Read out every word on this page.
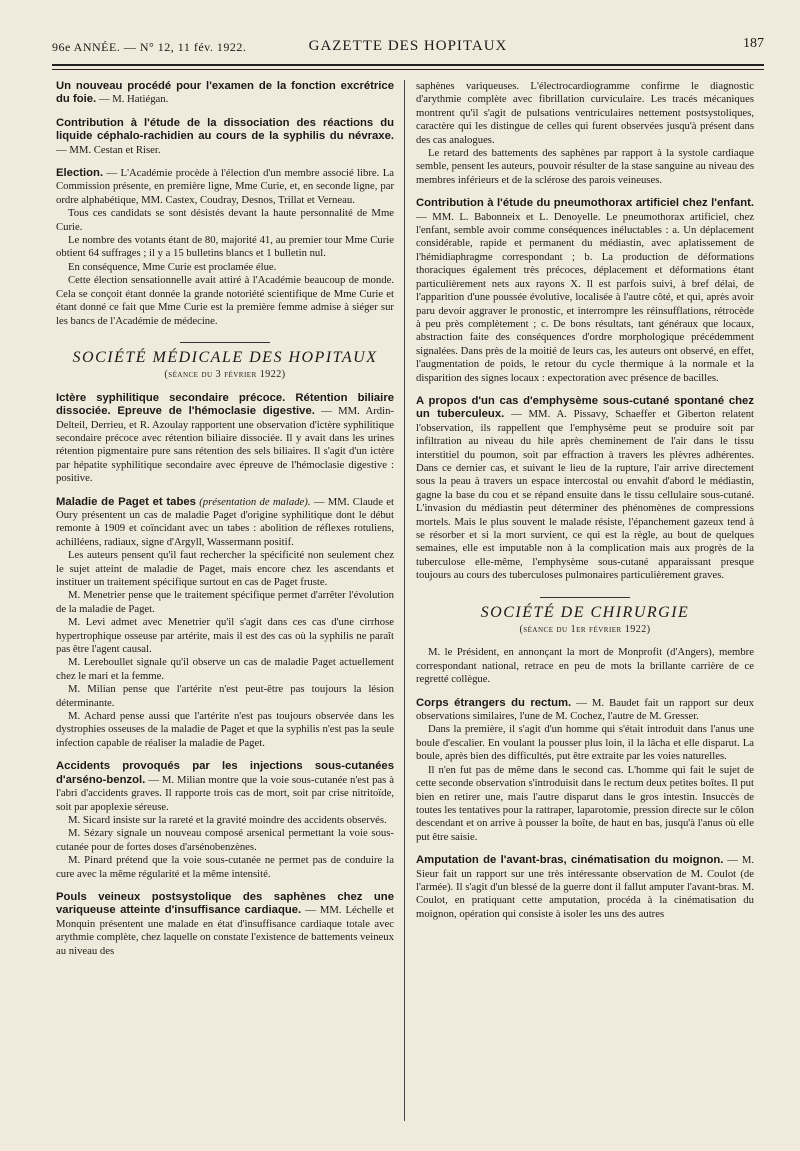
96e ANNÉE. — N° 12, 11 fév. 1922.	GAZETTE DES HOPITAUX	187

Un nouveau procédé pour l'examen de la fonction excrétrice du foie. — M. Hatiégan.

Contribution à l'étude de la dissociation des réactions du liquide céphalo-rachidien au cours de la syphilis du névraxe. — MM. Cestan et Riser.

Election. — L'Académie procède à l'élection d'un membre associé libre. La Commission présente, en première ligne, Mme Curie, et, en seconde ligne, par ordre alphabétique, MM. Castex, Coudray, Desnos, Trillat et Verneau.

Tous ces candidats se sont désistés devant la haute personnalité de Mme Curie.

Le nombre des votants étant de 80, majorité 41, au premier tour Mme Curie obtient 64 suffrages ; il y a 15 bulletins blancs et 1 bulletin nul.

En conséquence, Mme Curie est proclamée élue.

Cette élection sensationnelle avait attiré à l'Académie beaucoup de monde. Cela se conçoit étant donnée la grande notoriété scientifique de Mme Curie et étant donné ce fait que Mme Curie est la première femme admise à siéger sur les bancs de l'Académie de médecine.

SOCIÉTÉ MÉDICALE DES HOPITAUX
(séance du 3 février 1922)

Ictère syphilitique secondaire précoce. Rétention biliaire dissociée. Epreuve de l'hémoclasie digestive. — MM. Ardin-Delteil, Derrieu, et R. Azoulay rapportent une observation d'ictère syphilitique secondaire précoce avec rétention biliaire dissociée. Il y avait dans les urines rétention pigmentaire pure sans rétention des sels biliaires. Il s'agit d'un ictère par hépatite syphilitique secondaire avec épreuve de l'hémoclasie digestive : positive.

Maladie de Paget et tabes (présentation de malade). — MM. Claude et Oury présentent un cas de maladie Paget d'origine syphilitique dont le début remonte à 1909 et coïncidant avec un tabes : abolition de réflexes rotuliens, achilléens, radiaux, signe d'Argyll, Wassermann positif.

Les auteurs pensent qu'il faut rechercher la spécificité non seulement chez le sujet atteint de maladie de Paget, mais encore chez les ascendants et instituer un traitement spécifique surtout en cas de Paget fruste.

M. Menetrier pense que le traitement spécifique permet d'arrêter l'évolution de la maladie de Paget.

M. Levi admet avec Menetrier qu'il s'agit dans ces cas d'une cirrhose hypertrophique osseuse par artérite, mais il est des cas où la syphilis ne paraît pas être l'agent causal.

M. Lereboullet signale qu'il observe un cas de maladie Paget actuellement chez le mari et la femme.

M. Milian pense que l'artérite n'est peut-être pas toujours la lésion déterminante.

M. Achard pense aussi que l'artérite n'est pas toujours observée dans les dystrophies osseuses de la maladie de Paget et que la syphilis n'est pas la seule infection capable de réaliser la maladie de Paget.

Accidents provoqués par les injections sous-cutanées d'arséno-benzol. — M. Milian montre que la voie sous-cutanée n'est pas à l'abri d'accidents graves. Il rapporte trois cas de mort, soit par crise nitritoïde, soit par apoplexie séreuse.

M. Sicard insiste sur la rareté et la gravité moindre des accidents observés.

M. Sézary signale un nouveau composé arsenical permettant la voie sous-cutanée pour de fortes doses d'arsénobenzènes.

M. Pinard prétend que la voie sous-cutanée ne permet pas de conduire la cure avec la même régularité et la même intensité.

Pouls veineux postsystolique des saphènes chez une variqueuse atteinte d'insuffisance cardiaque. — MM. Léchelle et Monquin présentent une malade en état d'insuffisance cardiaque totale avec arythmie complète, chez laquelle on constate l'existence de battements veineux au niveau des

saphènes variqueuses. L'électrocardiogramme confirme le diagnostic d'arythmie complète avec fibrillation curviculaire. Les tracés mécaniques montrent qu'il s'agit de pulsations ventriculaires nettement postsystoliques, caractère qui les distingue de celles qui furent observées jusqu'à présent dans des cas analogues.

Le retard des battements des saphènes par rapport à la systole cardiaque semble, pensent les auteurs, pouvoir résulter de la stase sanguine au niveau des membres inférieurs et de la sclérose des parois veineuses.

Contribution à l'étude du pneumothorax artificiel chez l'enfant. — MM. L. Babonneix et L. Denoyelle. Le pneumothorax artificiel, chez l'enfant, semble avoir comme conséquences inéluctables : a. Un déplacement considérable, rapide et permanent du médiastin, avec aplatissement de l'hémidiaphragme correspondant ; b. La production de déformations thoraciques également très précoces, déplacement et déformations étant particulièrement nets aux rayons X. Il est parfois suivi, à bref délai, de l'apparition d'une poussée évolutive, localisée à l'autre côté, et qui, après avoir paru devoir aggraver le pronostic, et interrompre les réinsufflations, rétrocède à peu près complètement ; c. De bons résultats, tant généraux que locaux, abstraction faite des conséquences d'ordre morphologique précédemment signalées. Dans près de la moitié de leurs cas, les auteurs ont observé, en effet, l'augmentation de poids, le retour du cycle thermique à la normale et la disparition des signes locaux : expectoration avec présence de bacilles.

A propos d'un cas d'emphysème sous-cutané spontané chez un tuberculeux. — MM. A. Pissavy, Schaeffer et Giberton relatent l'observation, ils rappellent que l'emphysème peut se produire soit par infiltration au niveau du hile après cheminement de l'air dans le tissu interstitiel du poumon, soit par effraction à travers les plèvres adhérentes. Dans ce dernier cas, et suivant le lieu de la rupture, l'air arrive directement sous la peau à travers un espace intercostal ou envahit d'abord le médiastin, gagne la base du cou et se répand ensuite dans le tissu cellulaire sous-cutané. L'invasion du médiastin peut déterminer des phénomènes de compressions mortels. Mais le plus souvent le malade résiste, l'épanchement gazeux tend à se résorber et si la mort survient, ce qui est la règle, au bout de quelques semaines, elle est imputable non à la complication mais aux progrès de la tuberculose elle-même, l'emphysème sous-cutané apparaissant presque toujours au cours des tuberculoses pulmonaires particulièrement graves.

SOCIÉTÉ DE CHIRURGIE
(séance du 1er février 1922)

M. le Président, en annonçant la mort de Monprofit (d'Angers), membre correspondant national, retrace en peu de mots la brillante carrière de ce regretté collègue.

Corps étrangers du rectum. — M. Baudet fait un rapport sur deux observations similaires, l'une de M. Cochez, l'autre de M. Gresser.

Dans la première, il s'agit d'un homme qui s'était introduit dans l'anus une boule d'escalier. En voulant la pousser plus loin, il la lâcha et elle disparut. La boule, après bien des difficultés, put être extraite par les voies naturelles.

Il n'en fut pas de même dans le second cas. L'homme qui fait le sujet de cette seconde observation s'introduisit dans le rectum deux petites boîtes. Il put bien en retirer une, mais l'autre disparut dans le gros intestin. Insuccès de toutes les tentatives pour la rattraper, laparotomie, pression directe sur le côlon descendant et on arrive à pousser la boîte, de haut en bas, jusqu'à l'anus où elle put être saisie.

Amputation de l'avant-bras, cinématisation du moignon. — M. Sieur fait un rapport sur une très intéressante observation de M. Coulot (de l'armée). Il s'agit d'un blessé de la guerre dont il fallut amputer l'avant-bras. M. Coulot, en pratiquant cette amputation, procéda à la cinématisation du moignon, opération qui consiste à isoler les uns des autres
